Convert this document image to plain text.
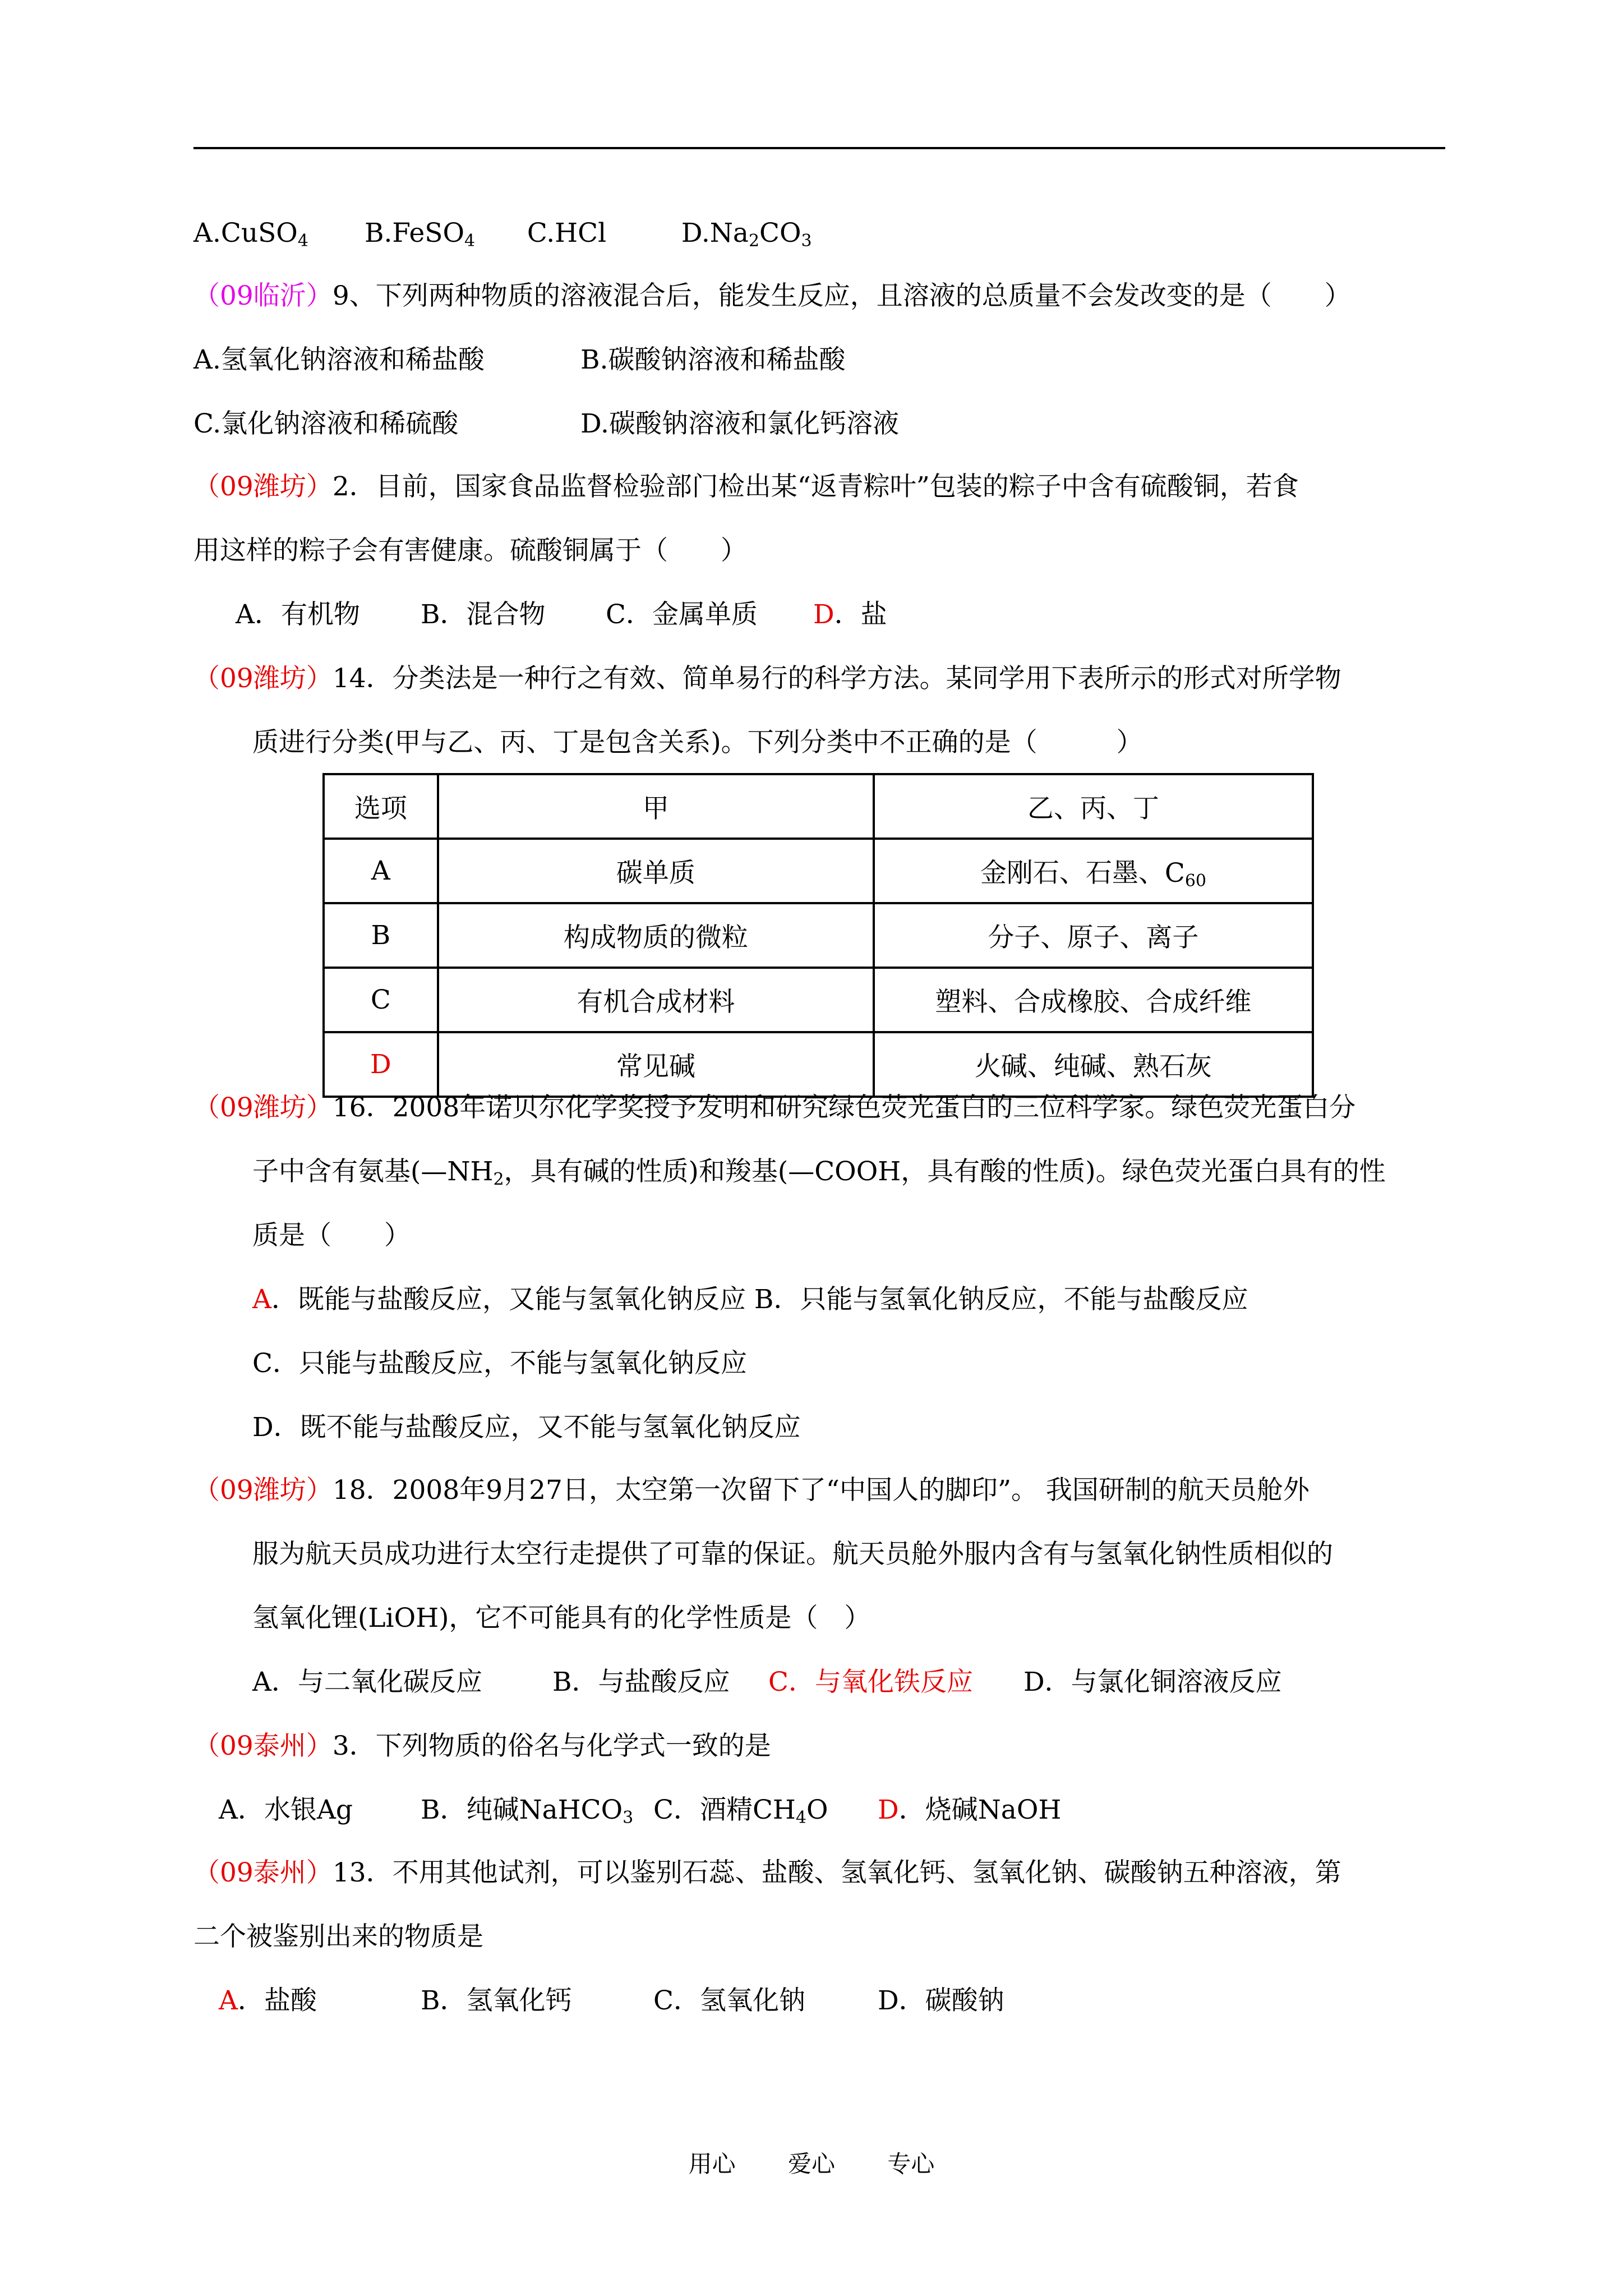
A.CuSO$_4$ B.FeSO$_4$ C.HCl	$D.Na_2CO_3$
（09临沂）9、下列两种物质的溶液混合后，能发生反应，且溶液的总质量不会发改变的是（　　）
A.氢氧化钠溶液和稀盐酸	B.碳酸钠溶液和稀盐酸
C.氯化钠溶液和稀硫酸	D.碳酸钠溶液和氯化钙溶液
（09潍坊）2．目前，国家食品监督检验部门检出某“返青粽叶”包装的粽子中含有硫酸铜，若食
用这样的粽子会有害健康。硫酸铜属于（　　）
A．有机物 B．混合物 C．金属单质 D．盐
（09潍坊）14．分类法是一种行之有效、简单易行的科学方法。某同学用下表所示的形式对所学物
质进行分类(甲与乙、丙、丁是包含关系)。下列分类中不正确的是（　　　）
选项	甲	乙、丙、丁
A	碳单质	金刚石、石墨、$C_{60}$
B	构成物质的微粒	分子、原子、离子
C	有机合成材料	塑料、合成橡胶、合成纤维
D	常见碱	火碱、纯碱、熟石灰
（09潍坊）16．2008年诺贝尔化学奖授予发明和研究绿色荧光蛋白的三位科学家。绿色荧光蛋白分
子中含有氨基($—NH_2$，具有碱的性质)和羧基(—COOH，具有酸的性质)。绿色荧光蛋白具有的性
质是（　　）
A．既能与盐酸反应，又能与氢氧化钠反应 B．只能与氢氧化钠反应，不能与盐酸反应
C．只能与盐酸反应，不能与氢氧化钠反应
D．既不能与盐酸反应，又不能与氢氧化钠反应
（09潍坊）18．2008年9月27日，太空第一次留下了“中国人的脚印”。 我国研制的航天员舱外
服为航天员成功进行太空行走提供了可靠的保证。航天员舱外服内含有与氢氧化钠性质相似的
氢氧化锂(LiOH)，它不可能具有的化学性质是（　）
A．与二氧化碳反应	B．与盐酸反应 C．与氧化铁反应 D．与氯化铜溶液反应
（09泰州）3．下列物质的俗名与化学式一致的是
A．水银Ag	B．纯碱NaHCO$_3$ C．酒精$CH_4O$ D．烧碱NaOH
（09泰州）13．不用其他试剂，可以鉴别石蕊、盐酸、氢氧化钙、氢氧化钠、碳酸钠五种溶液，第
二个被鉴别出来的物质是
A．盐酸	B．氢氧化钙	C．氢氧化钠	D．碳酸钠
用心 爱心 专心
